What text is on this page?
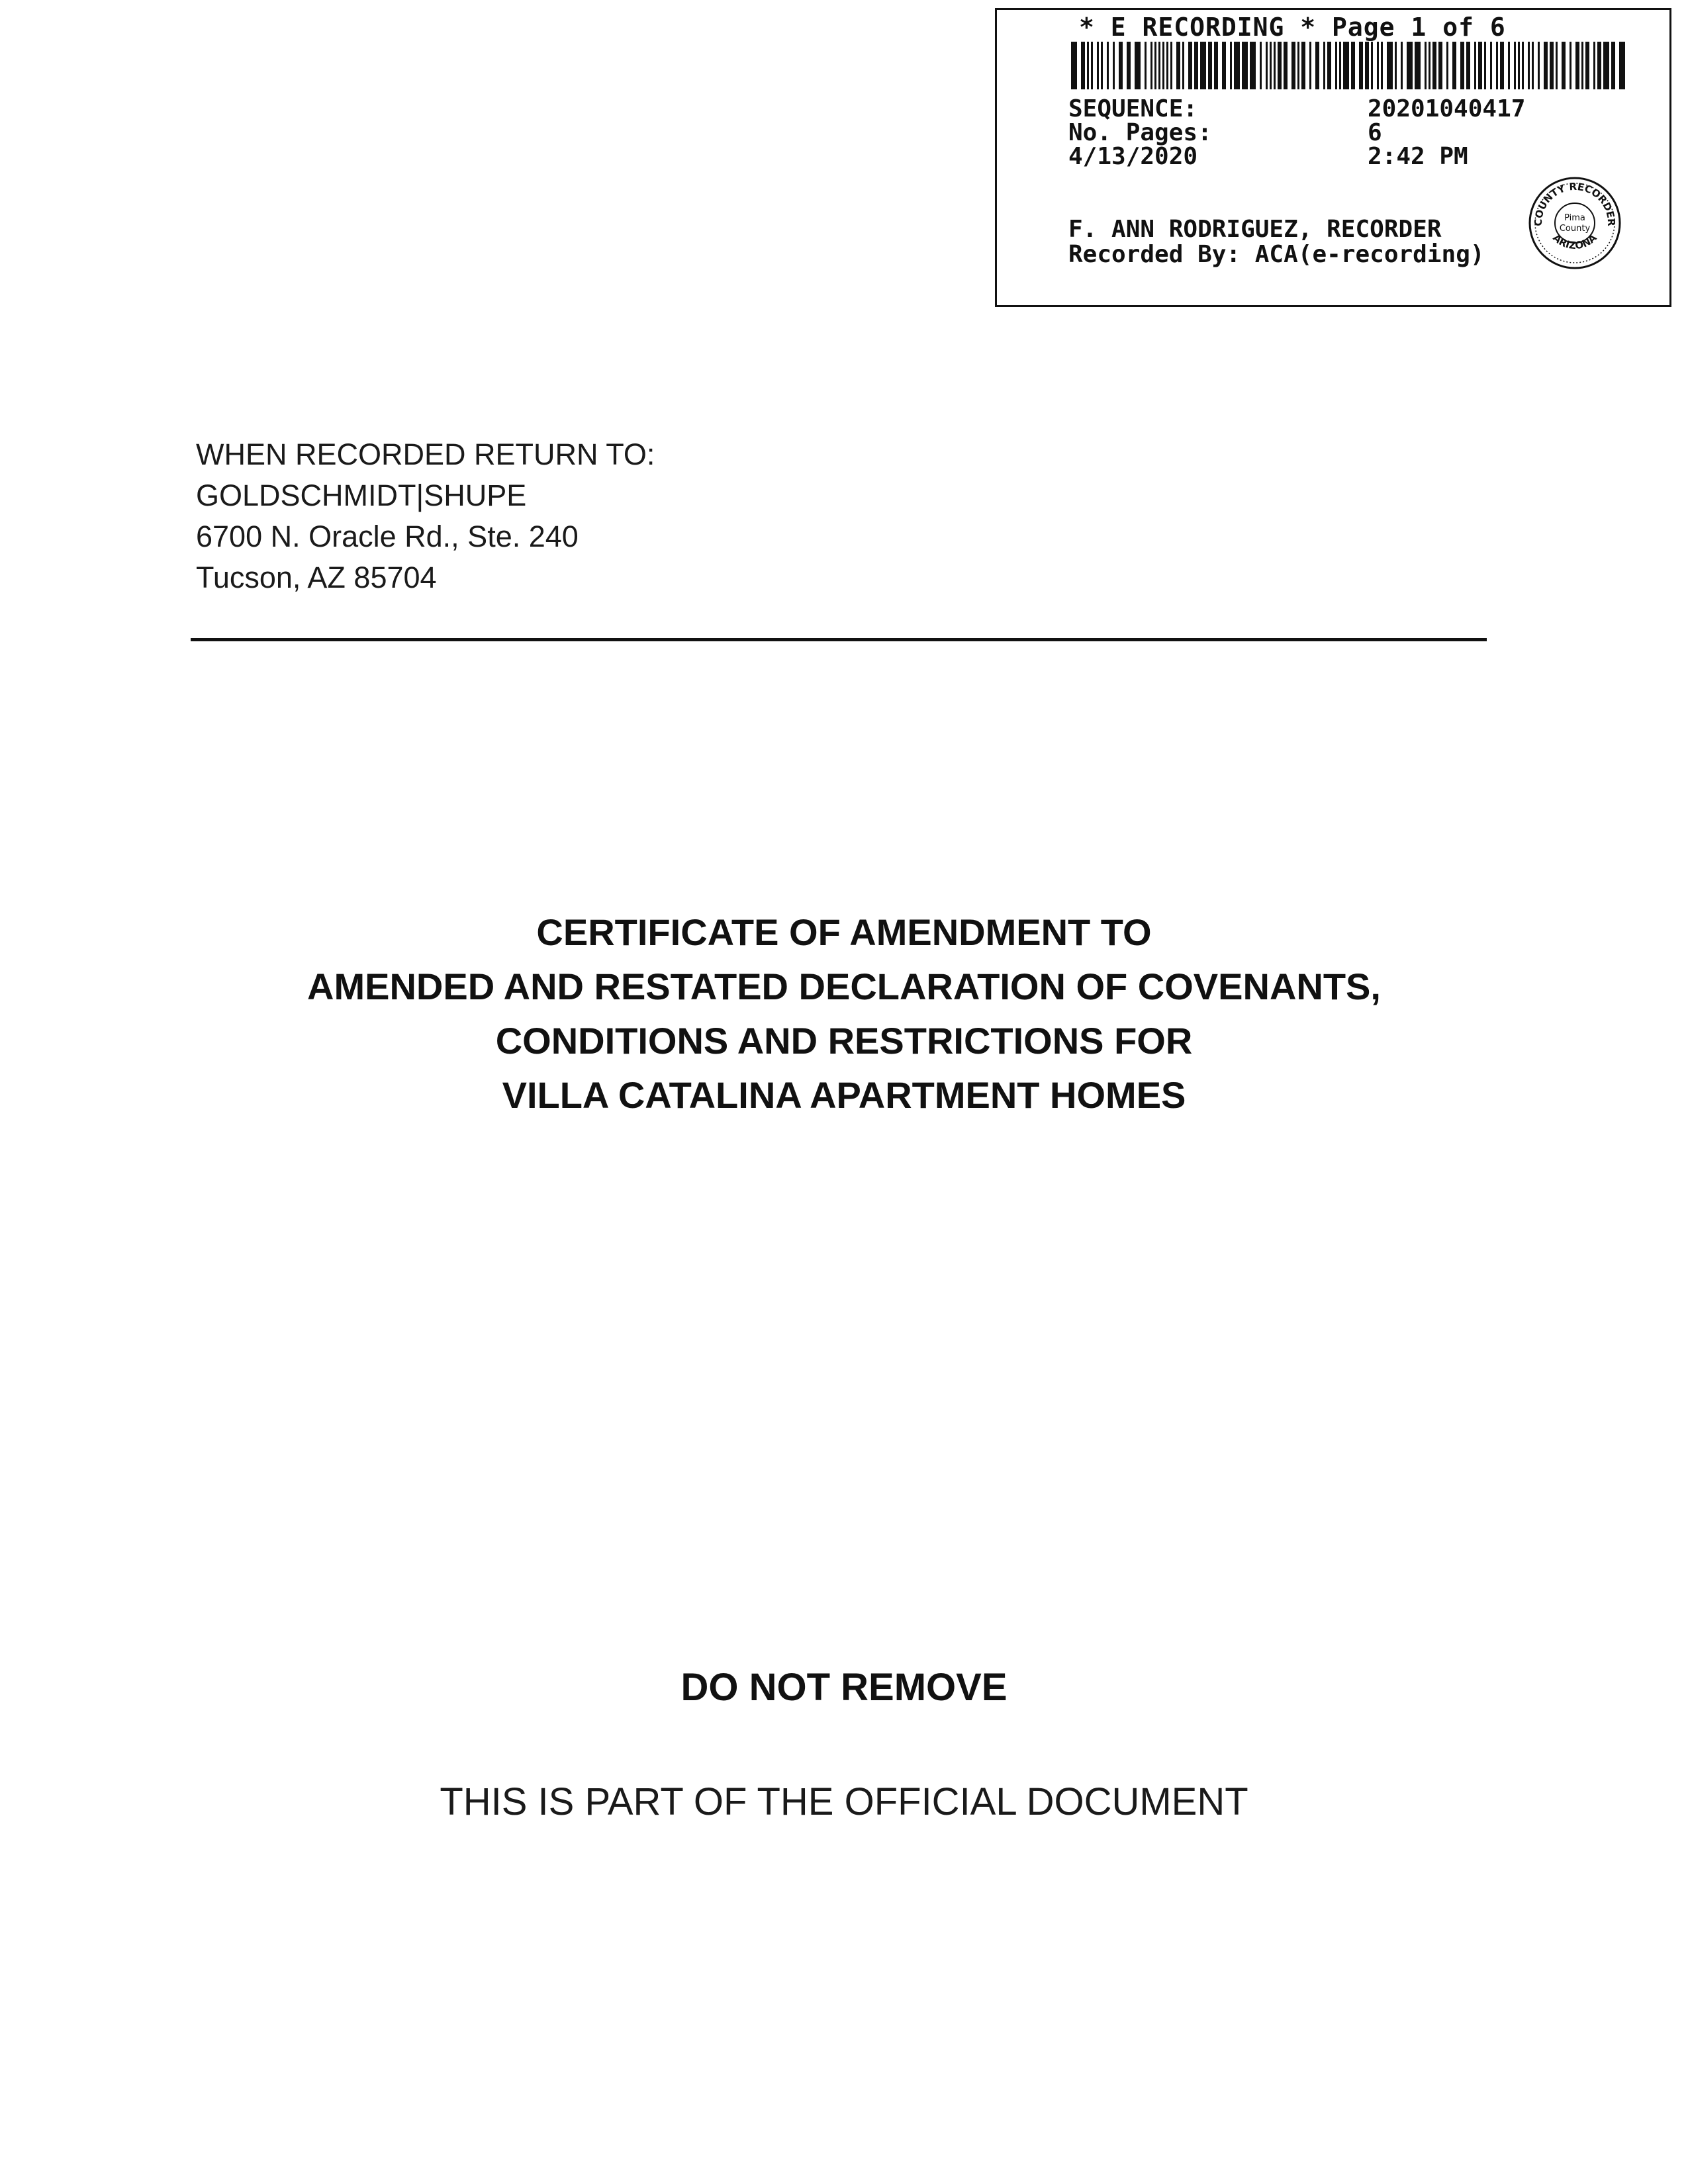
* E RECORDING * Page 1 of 6
SEQUENCE:	20201040417
No. Pages:	6
4/13/2020	2:42 PM
F. ANN RODRIGUEZ, RECORDER
Recorded By: ACA(e-recording)
COUNTY RECORDER
ARIZONA
Pima
County
WHEN RECORDED RETURN TO:
GOLDSCHMIDT|SHUPE
6700 N. Oracle Rd., Ste. 240
Tucson, AZ 85704
CERTIFICATE OF AMENDMENT TO
AMENDED AND RESTATED DECLARATION OF COVENANTS,
CONDITIONS AND RESTRICTIONS FOR
VILLA CATALINA APARTMENT HOMES
DO NOT REMOVE
THIS IS PART OF THE OFFICIAL DOCUMENT
